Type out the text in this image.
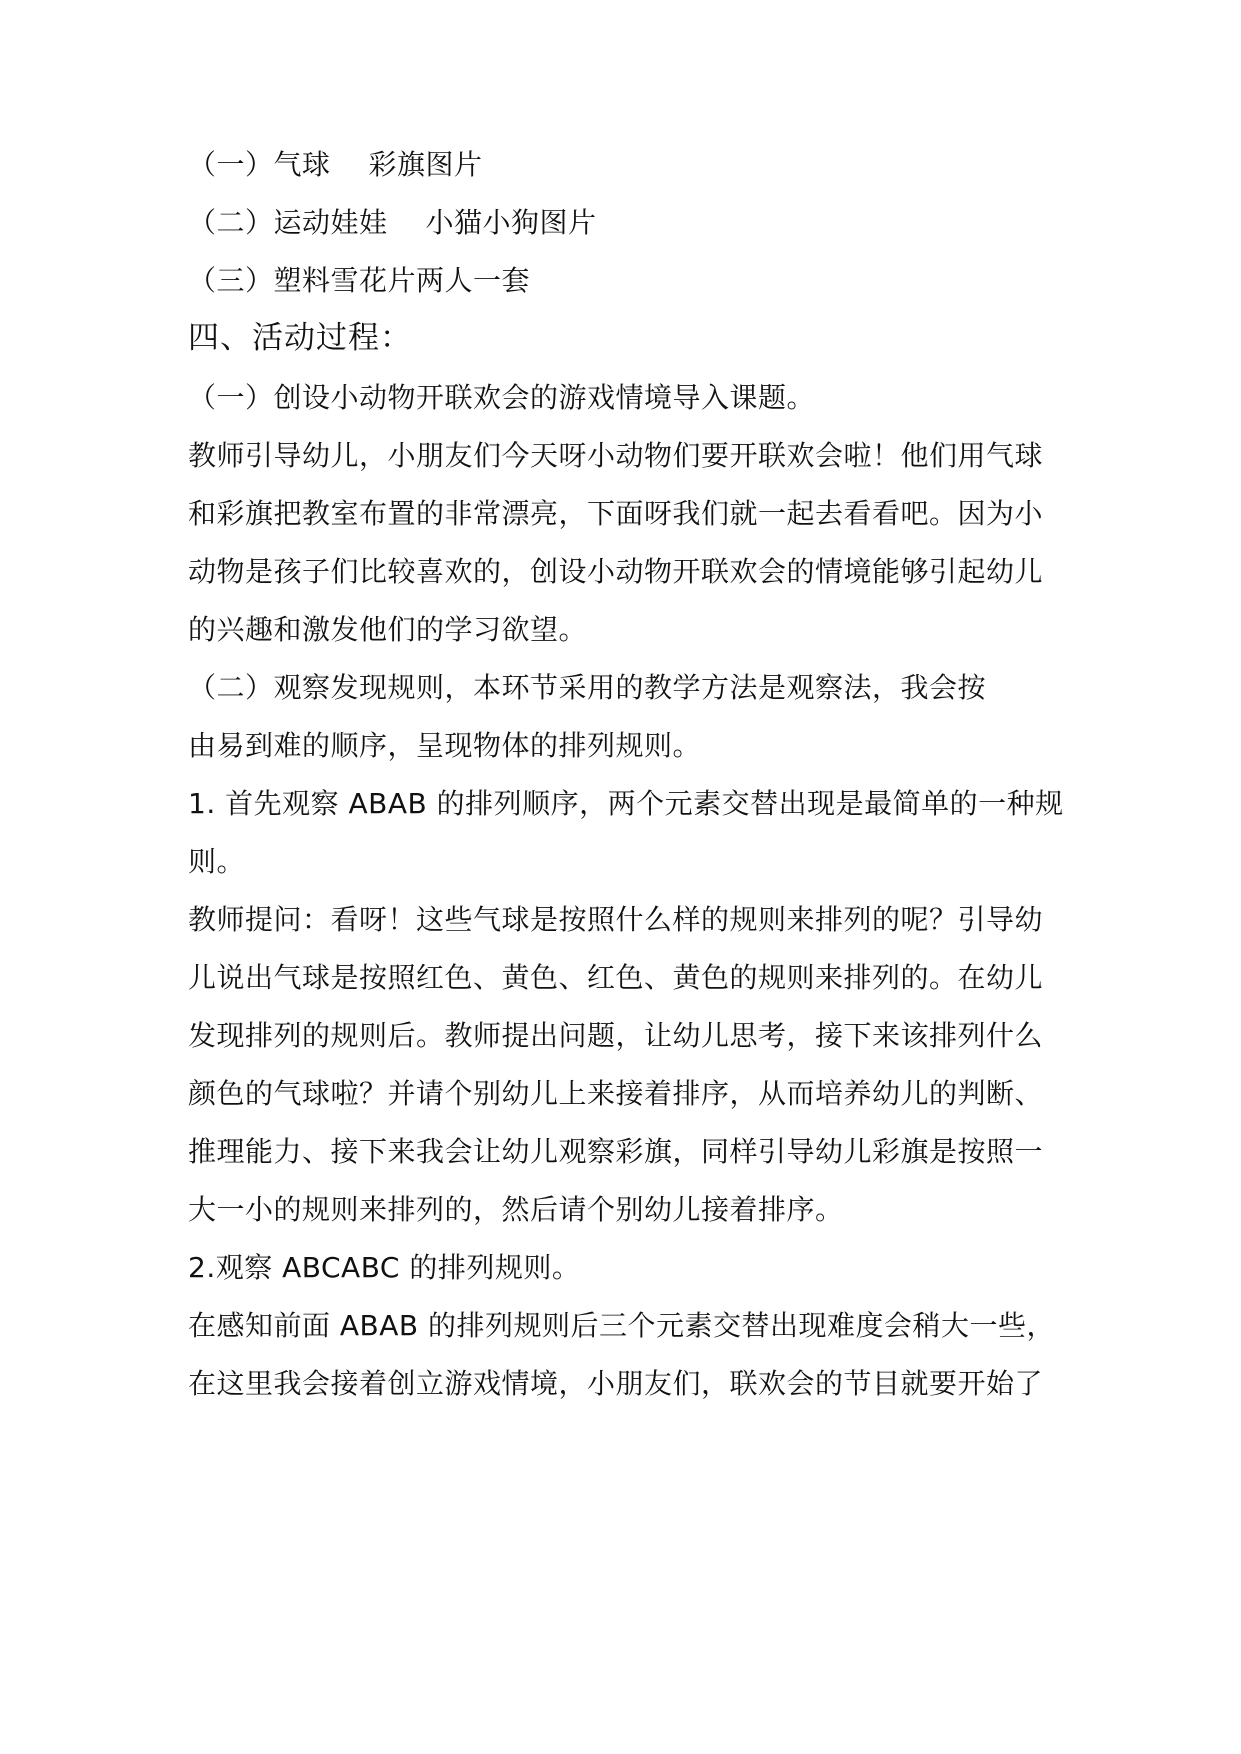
（一）气球 彩旗图片
（二）运动娃娃 小猫小狗图片
（三）塑料雪花片两人一套
四、活动过程：
（一）创设小动物开联欢会的游戏情境导入课题。
教师引导幼儿，小朋友们今天呀小动物们要开联欢会啦！他们用气球
和彩旗把教室布置的非常漂亮，下面呀我们就一起去看看吧。因为小
动物是孩子们比较喜欢的，创设小动物开联欢会的情境能够引起幼儿
的兴趣和激发他们的学习欲望。
（二）观察发现规则，本环节采用的教学方法是观察法，我会按
由易到难的顺序，呈现物体的排列规则。
1. 首先观察 ABAB 的排列顺序，两个元素交替出现是最简单的一种规
则。
教师提问：看呀！这些气球是按照什么样的规则来排列的呢？引导幼
儿说出气球是按照红色、黄色、红色、黄色的规则来排列的。在幼儿
发现排列的规则后。教师提出问题，让幼儿思考，接下来该排列什么
颜色的气球啦？并请个别幼儿上来接着排序，从而培养幼儿的判断、
推理能力、接下来我会让幼儿观察彩旗，同样引导幼儿彩旗是按照一
大一小的规则来排列的，然后请个别幼儿接着排序。
2.观察 ABCABC 的排列规则。
在感知前面 ABAB 的排列规则后三个元素交替出现难度会稍大一些，
在这里我会接着创立游戏情境，小朋友们，联欢会的节目就要开始了
